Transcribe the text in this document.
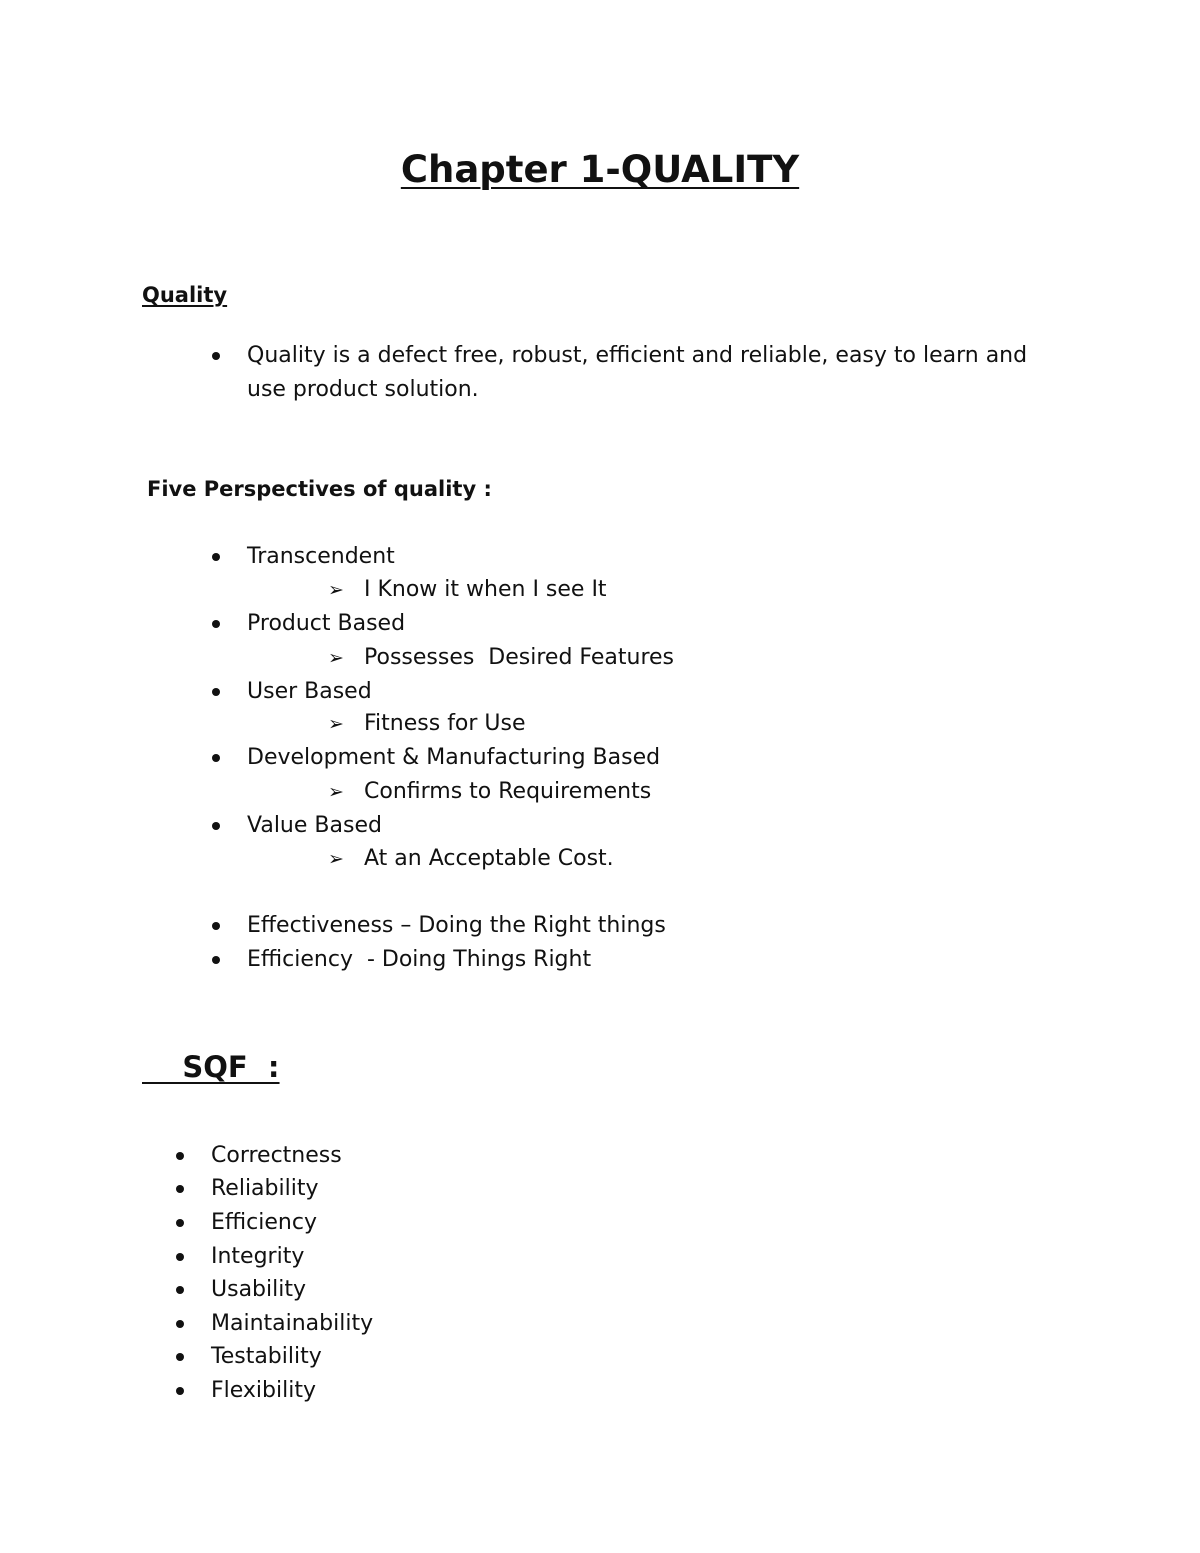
Chapter 1-QUALITY
Quality
Quality is a defect free, robust, efficient and reliable, easy to learn and use product solution.
Five Perspectives of quality :
Transcendent
➢ I Know it when I see It
Product Based
➢ Possesses  Desired Features
User Based
➢ Fitness for Use
Development & Manufacturing Based
➢ Confirms to Requirements
Value Based
➢ At an Acceptable Cost.
Effectiveness – Doing the Right things
Efficiency  - Doing Things Right
SQF  :
Correctness
Reliability
Efficiency
Integrity
Usability
Maintainability
Testability
Flexibility
